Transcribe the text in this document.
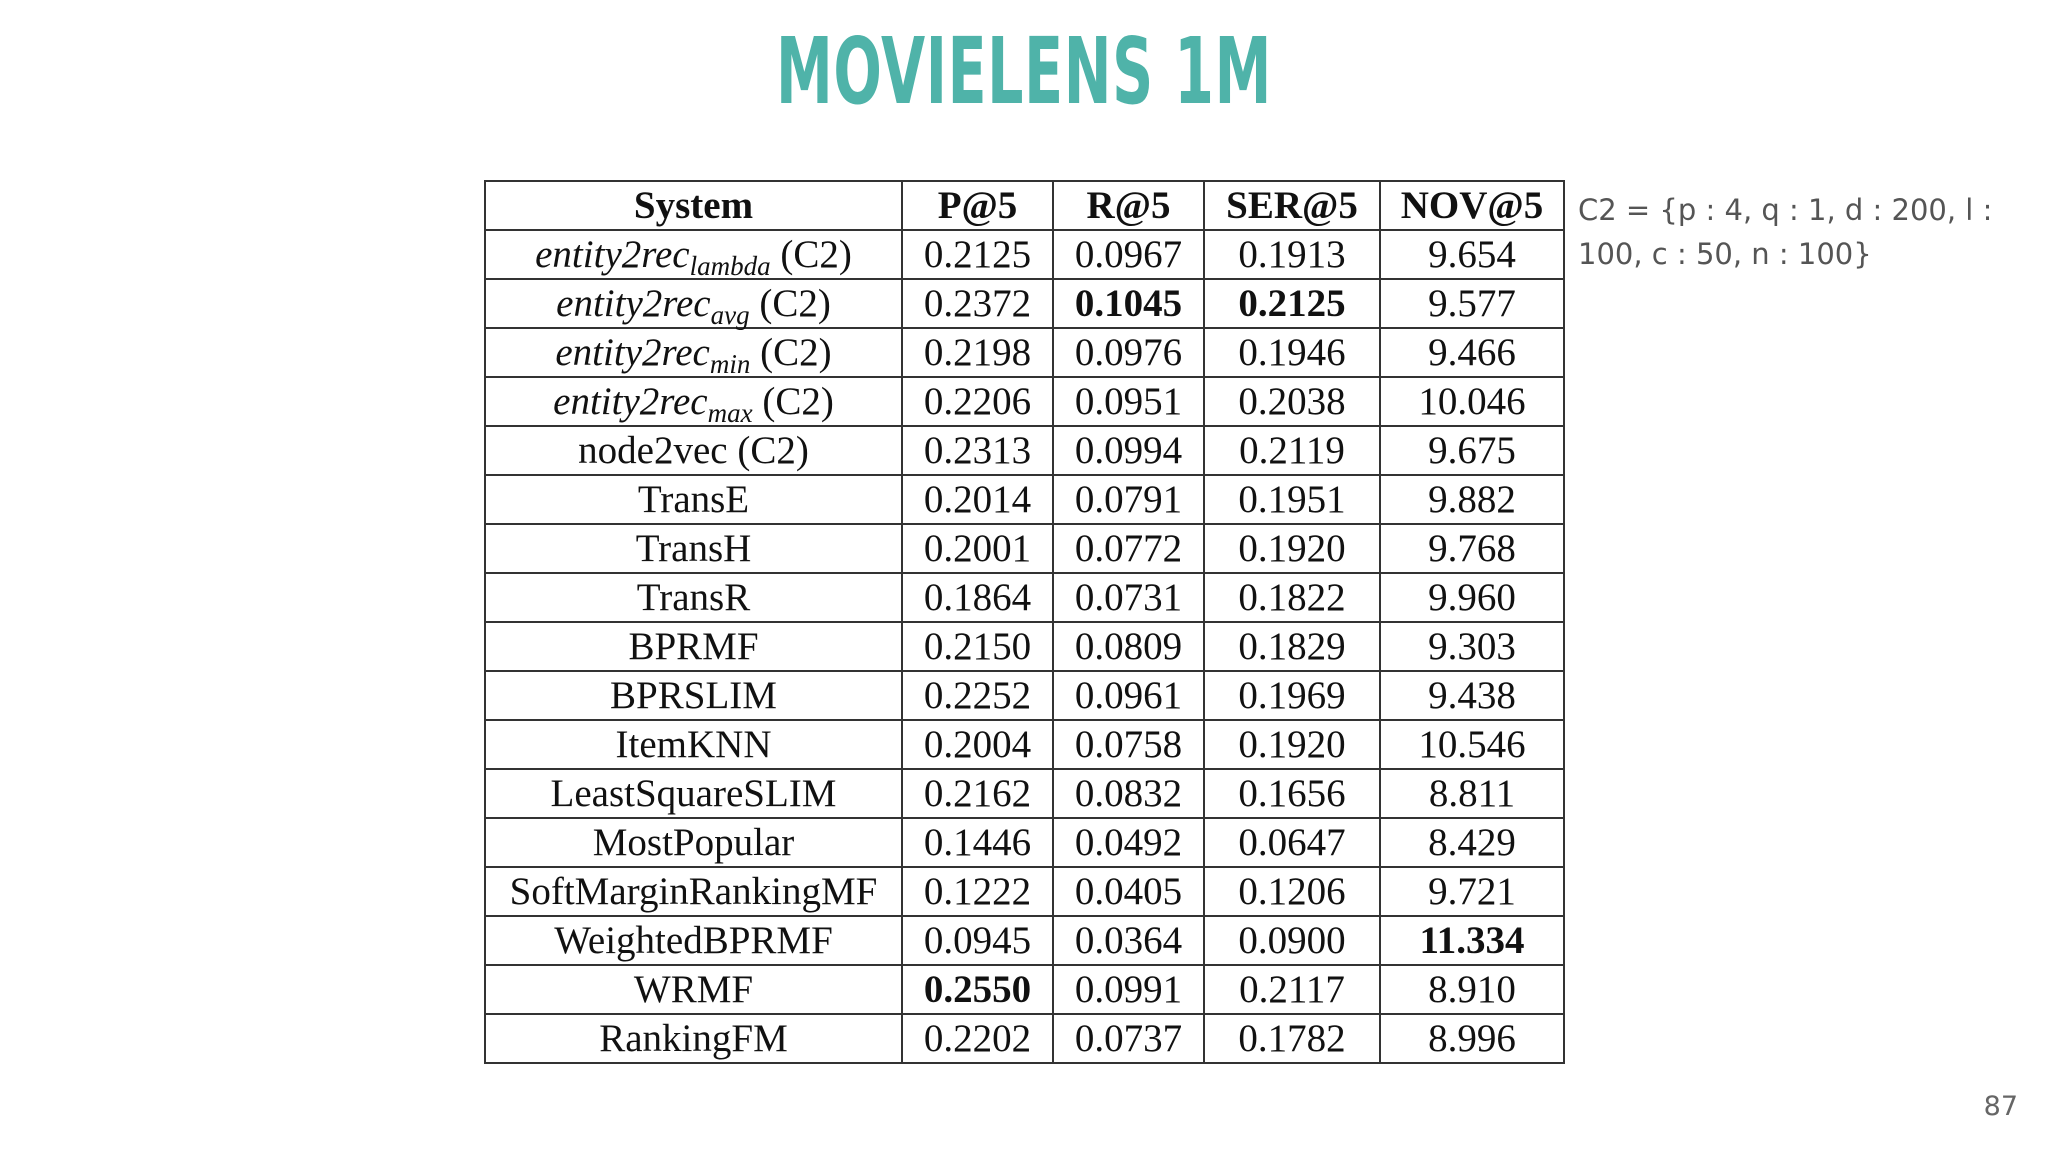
MOVIELENS 1M
System	P@5	R@5	SER@5	NOV@5
entity2rec$_{lambda}$ (C2)	0.2125	0.0967	0.1913	9.654
entity2rec$_{avg}$ (C2)	0.2372	0.1045	0.2125	9.577
entity2rec$_{min}$ (C2)	0.2198	0.0976	0.1946	9.466
entity2rec$_{max}$ (C2)	0.2206	0.0951	0.2038	10.046
node2vec (C2)	0.2313	0.0994	0.2119	9.675
TransE	0.2014	0.0791	0.1951	9.882
TransH	0.2001	0.0772	0.1920	9.768
TransR	0.1864	0.0731	0.1822	9.960
BPRMF	0.2150	0.0809	0.1829	9.303
BPRSLIM	0.2252	0.0961	0.1969	9.438
ItemKNN	0.2004	0.0758	0.1920	10.546
LeastSquareSLIM	0.2162	0.0832	0.1656	8.811
MostPopular	0.1446	0.0492	0.0647	8.429
SoftMarginRankingMF	0.1222	0.0405	0.1206	9.721
WeightedBPRMF	0.0945	0.0364	0.0900	11.334
WRMF	0.2550	0.0991	0.2117	8.910
RankingFM	0.2202	0.0737	0.1782	8.996
C2 = {p : 4, q : 1, d : 200, l : 100, c : 50, n : 100}
87
